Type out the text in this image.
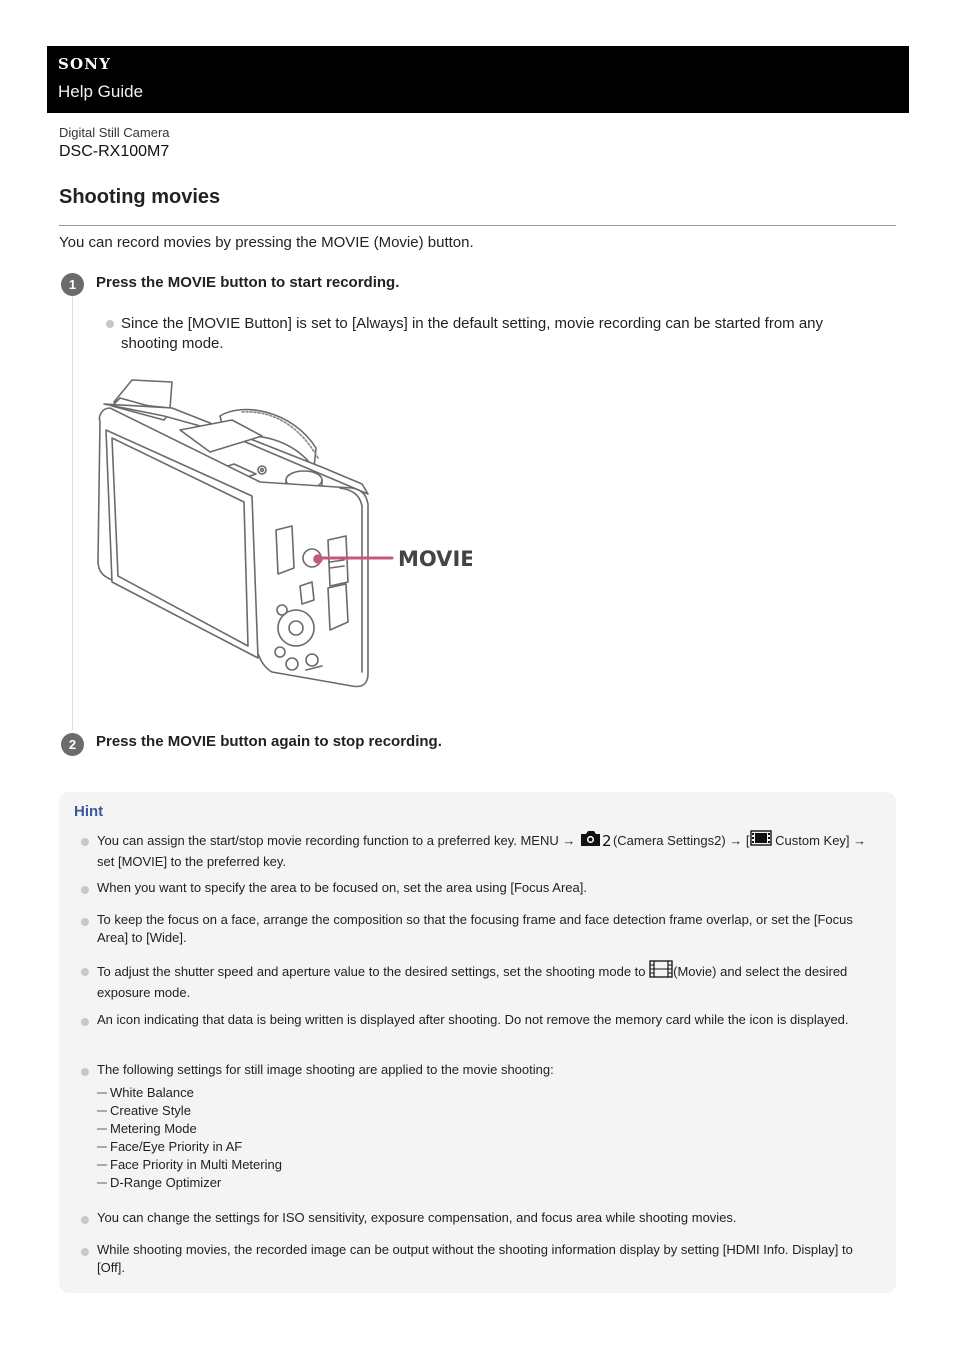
SONY
Help Guide
Digital Still Camera
DSC-RX100M7
Shooting movies
You can record movies by pressing the MOVIE (Movie) button.
1	Press the MOVIE button to start recording.
Since the [MOVIE Button] is set to [Always] in the default setting, movie recording can be started from any shooting mode.
MOVIE
2	Press the MOVIE button again to stop recording.
Hint
You can assign the start/stop movie recording function to a preferred key. MENU → 2 (Camera Settings2) → [ Custom Key] → set [MOVIE] to the preferred key.
When you want to specify the area to be focused on, set the area using [Focus Area].
To keep the focus on a face, arrange the composition so that the focusing frame and face detection frame overlap, or set the [Focus Area] to [Wide].
To adjust the shutter speed and aperture value to the desired settings, set the shooting mode to (Movie) and select the desired exposure mode.
An icon indicating that data is being written is displayed after shooting. Do not remove the memory card while the icon is displayed.
The following settings for still image shooting are applied to the movie shooting:
White Balance
Creative Style
Metering Mode
Face/Eye Priority in AF
Face Priority in Multi Metering
D-Range Optimizer
You can change the settings for ISO sensitivity, exposure compensation, and focus area while shooting movies.
While shooting movies, the recorded image can be output without the shooting information display by setting [HDMI Info. Display] to [Off].
